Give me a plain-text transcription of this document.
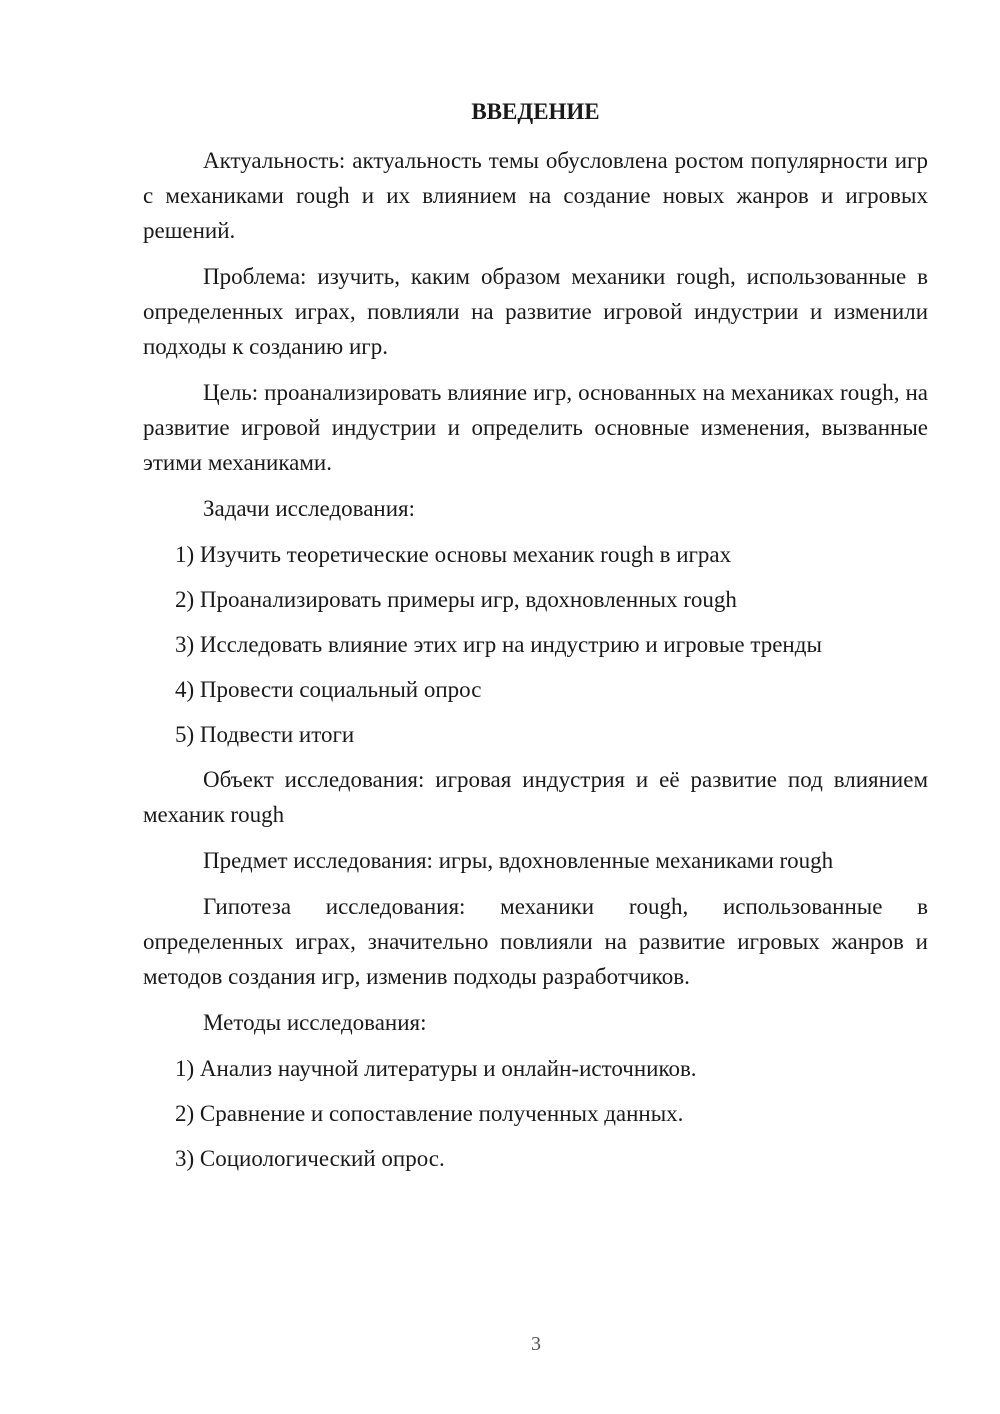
ВВЕДЕНИЕ

Актуальность: актуальность темы обусловлена ростом популярности игр с механиками rough и их влиянием на создание новых жанров и игровых решений.

Проблема: изучить, каким образом механики rough, использованные в определенных играх, повлияли на развитие игровой индустрии и изменили подходы к созданию игр.

Цель: проанализировать влияние игр, основанных на механиках rough, на развитие игровой индустрии и определить основные изменения, вызванные этими механиками.

Задачи исследования:

1) Изучить теоретические основы механик rough в играх

2) Проанализировать примеры игр, вдохновленных rough

3) Исследовать влияние этих игр на индустрию и игровые тренды

4) Провести социальный опрос

5) Подвести итоги

Объект исследования: игровая индустрия и её развитие под влиянием механик rough

Предмет исследования: игры, вдохновленные механиками rough

Гипотеза исследования: механики rough, использованные в определенных играх, значительно повлияли на развитие игровых жанров и методов создания игр, изменив подходы разработчиков.

Методы исследования:

1) Анализ научной литературы и онлайн-источников.

2) Сравнение и сопоставление полученных данных.

3) Социологический опрос.

3
